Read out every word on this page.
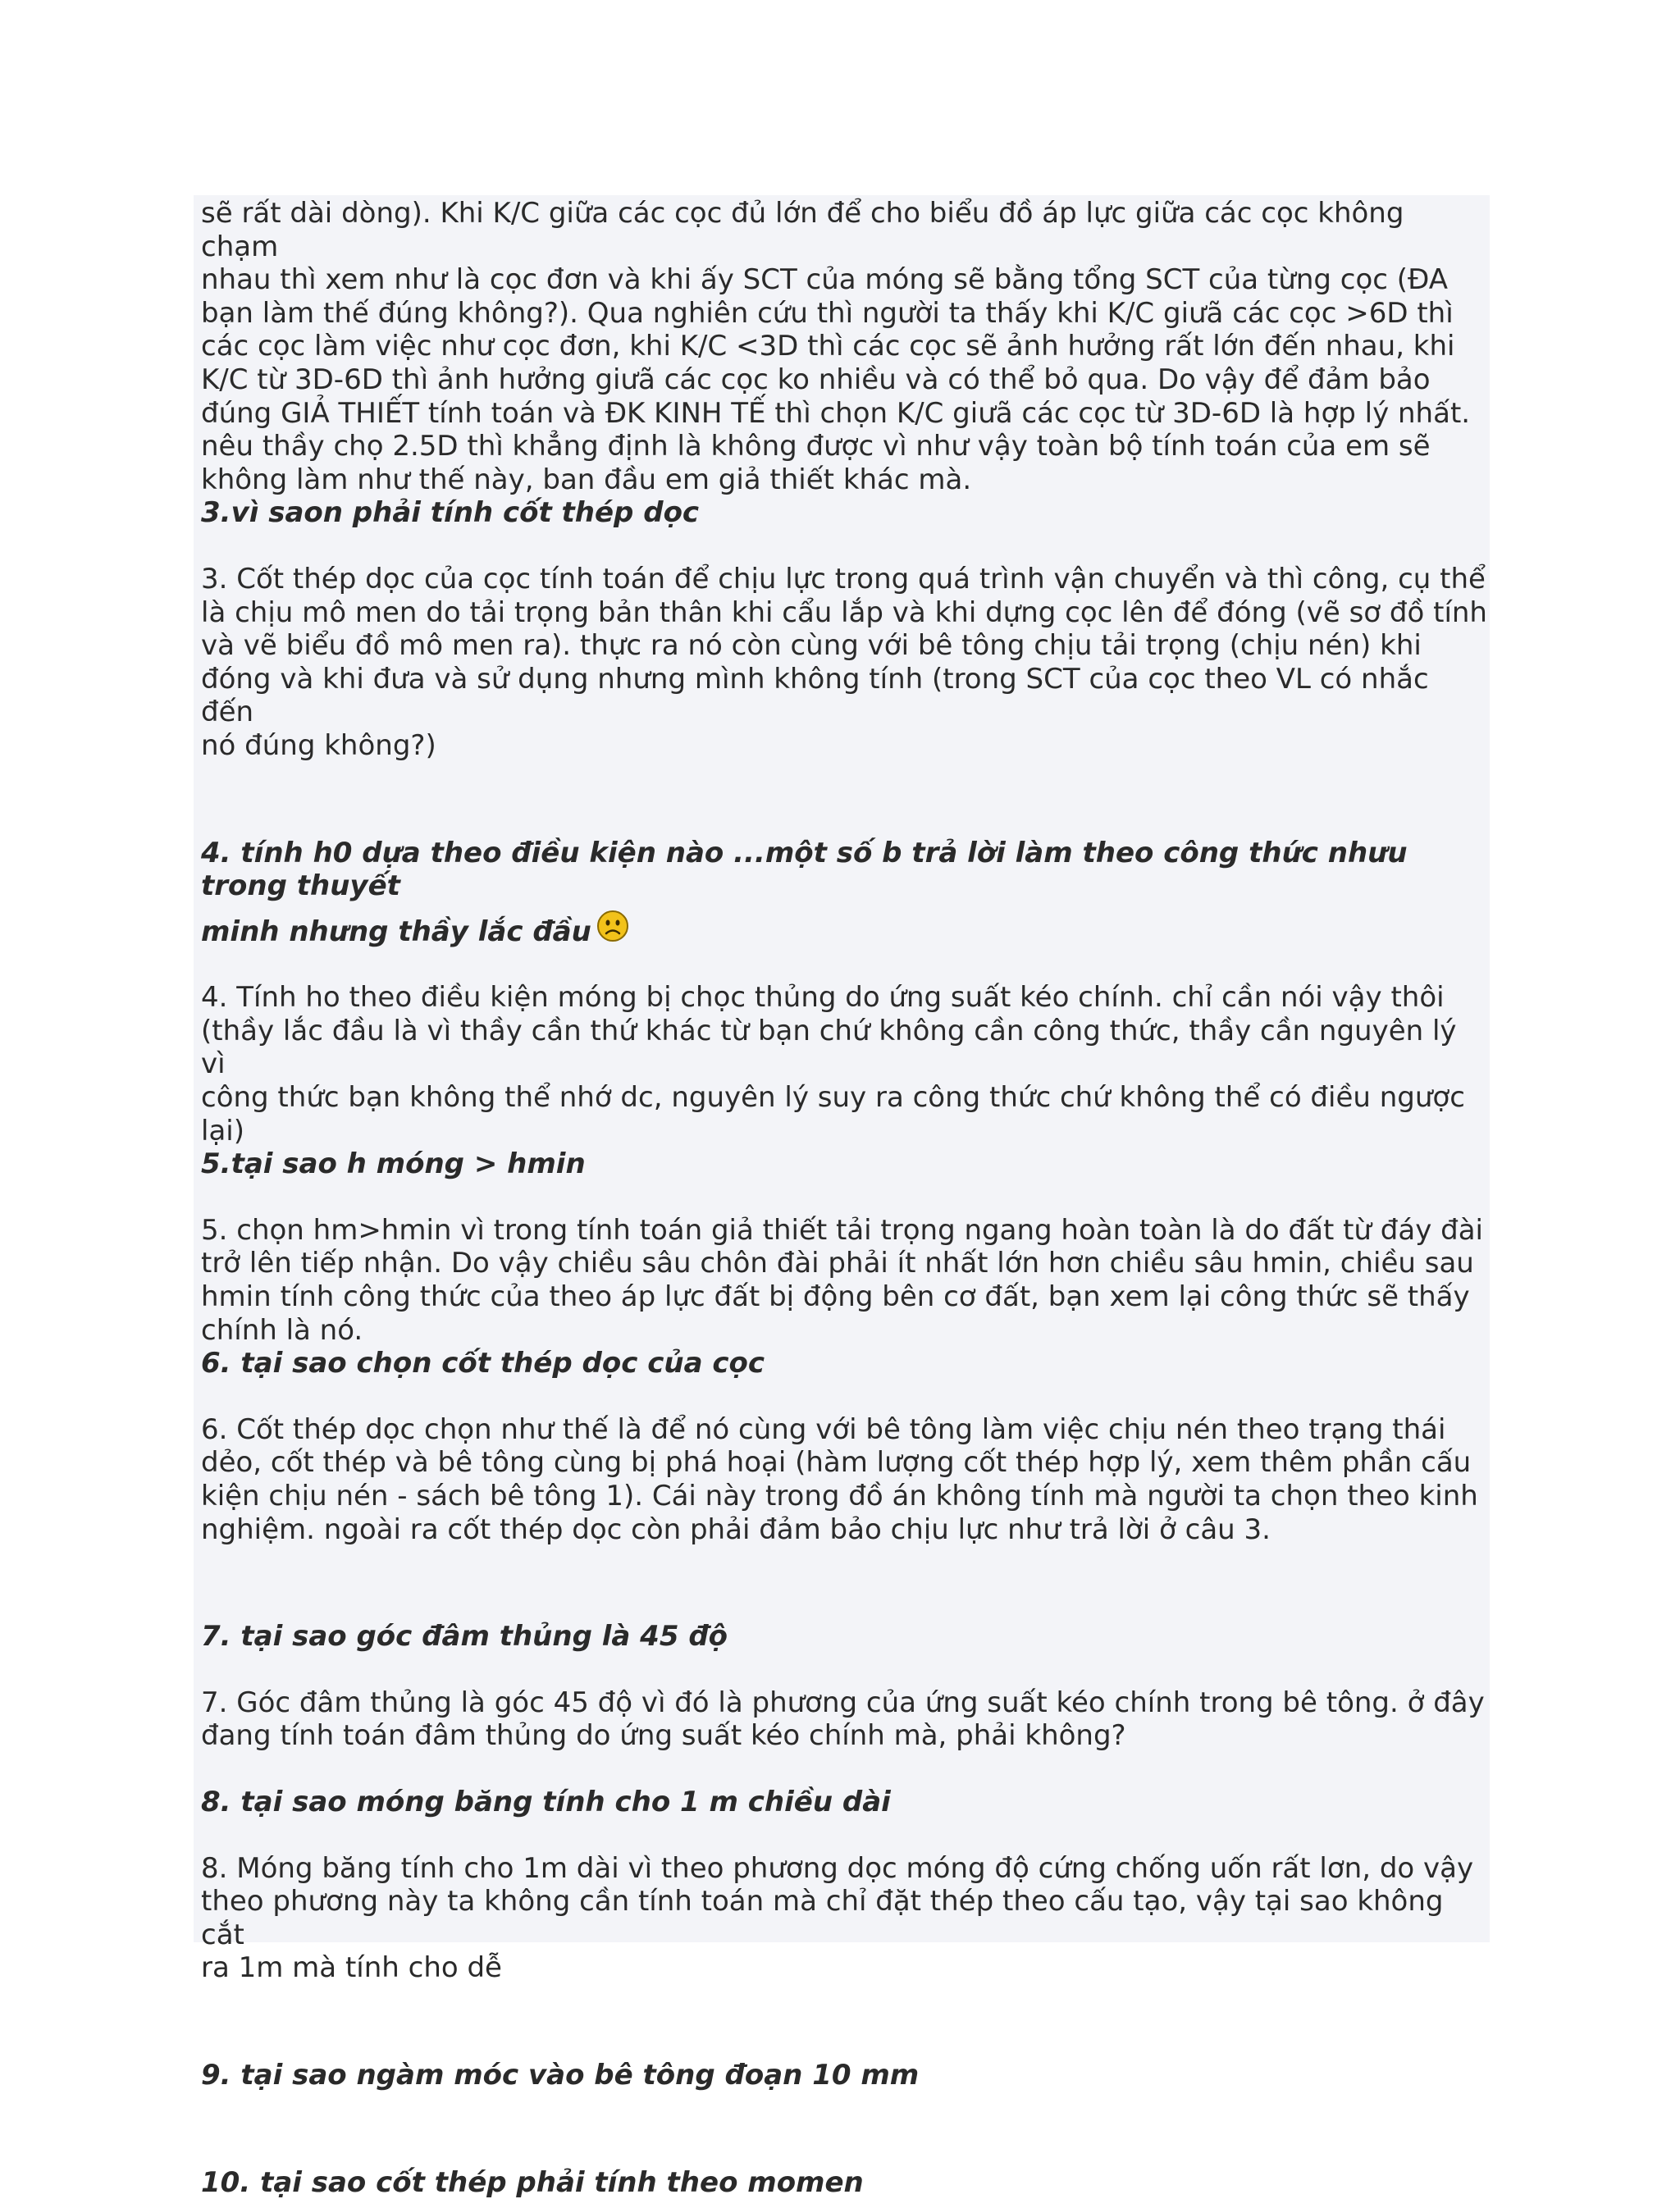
sẽ rất dài dòng). Khi K/C giữa các cọc đủ lớn để cho biểu đồ áp lực giữa các cọc không chạm
nhau thì xem như là cọc đơn và khi ấy SCT của móng sẽ bằng tổng SCT của từng cọc (ĐA
bạn làm thế đúng không?). Qua nghiên cứu thì người ta thấy khi K/C giưã các cọc >6D thì
các cọc làm việc như cọc đơn, khi K/C <3D thì các cọc sẽ ảnh hưởng rất lớn đến nhau, khi
K/C từ 3D-6D thì ảnh hưởng giưã các cọc ko nhiều và có thể bỏ qua. Do vậy để đảm bảo
đúng GIẢ THIẾT tính toán và ĐK KINH TẾ thì chọn K/C giưã các cọc từ 3D-6D là hợp lý nhất.
nêu thầy chọ 2.5D thì khẳng định là không được vì như vậy toàn bộ tính toán của em sẽ
không làm như thế này, ban đầu em giả thiết khác mà.

3.vì saon phải tính cốt thép dọc

3. Cốt thép dọc của cọc tính toán để chịu lực trong quá trình vận chuyển và thì công, cụ thể
là chịu mô men do tải trọng bản thân khi cẩu lắp và khi dựng cọc lên để đóng (vẽ sơ đồ tính
và vẽ biểu đồ mô men ra). thực ra nó còn cùng với bê tông chịu tải trọng (chịu nén) khi
đóng và khi đưa và sử dụng nhưng mình không tính (trong SCT của cọc theo VL có nhắc đến
nó đúng không?)

4. tính h0 dựa theo điều kiện nào ...một số b trả lời làm theo công thức nhưu trong thuyết

minh nhưng thầy lắc đầu

4. Tính ho theo điều kiện móng bị chọc thủng do ứng suất kéo chính. chỉ cần nói vậy thôi
(thầy lắc đầu là vì thầy cần thứ khác từ bạn chứ không cần công thức, thầy cần nguyên lý vì
công thức bạn không thể nhớ dc, nguyên lý suy ra công thức chứ không thể có điều ngược
lại)

5.tại sao h móng > hmin

5. chọn hm>hmin vì trong tính toán giả thiết tải trọng ngang hoàn toàn là do đất từ đáy đài
trở lên tiếp nhận. Do vậy chiều sâu chôn đài phải ít nhất lớn hơn chiều sâu hmin, chiều sau
hmin tính công thức của theo áp lực đất bị động bên cơ đất, bạn xem lại công thức sẽ thấy
chính là nó.

6. tại sao chọn cốt thép dọc của cọc

6. Cốt thép dọc chọn như thế là để nó cùng với bê tông làm việc chịu nén theo trạng thái
dẻo, cốt thép và bê tông cùng bị phá hoại (hàm lượng cốt thép hợp lý, xem thêm phần cấu
kiện chịu nén - sách bê tông 1). Cái này trong đồ án không tính mà người ta chọn theo kinh
nghiệm. ngoài ra cốt thép dọc còn phải đảm bảo chịu lực như trả lời ở câu 3.

7. tại sao góc đâm thủng là 45 độ

7. Góc đâm thủng là góc 45 độ vì đó là phương của ứng suất kéo chính trong bê tông. ở đây
đang tính toán đâm thủng do ứng suất kéo chính mà, phải không?

8. tại sao móng băng tính cho 1 m chiều dài

8. Móng băng tính cho 1m dài vì theo phương dọc móng độ cứng chống uốn rất lơn, do vậy
theo phương này ta không cần tính toán mà chỉ đặt thép theo cấu tạo, vậy tại sao không cắt
ra 1m mà tính cho dễ

9. tại sao ngàm móc vào bê tông đoạn 10 mm

10. tại sao cốt thép phải tính theo momen
